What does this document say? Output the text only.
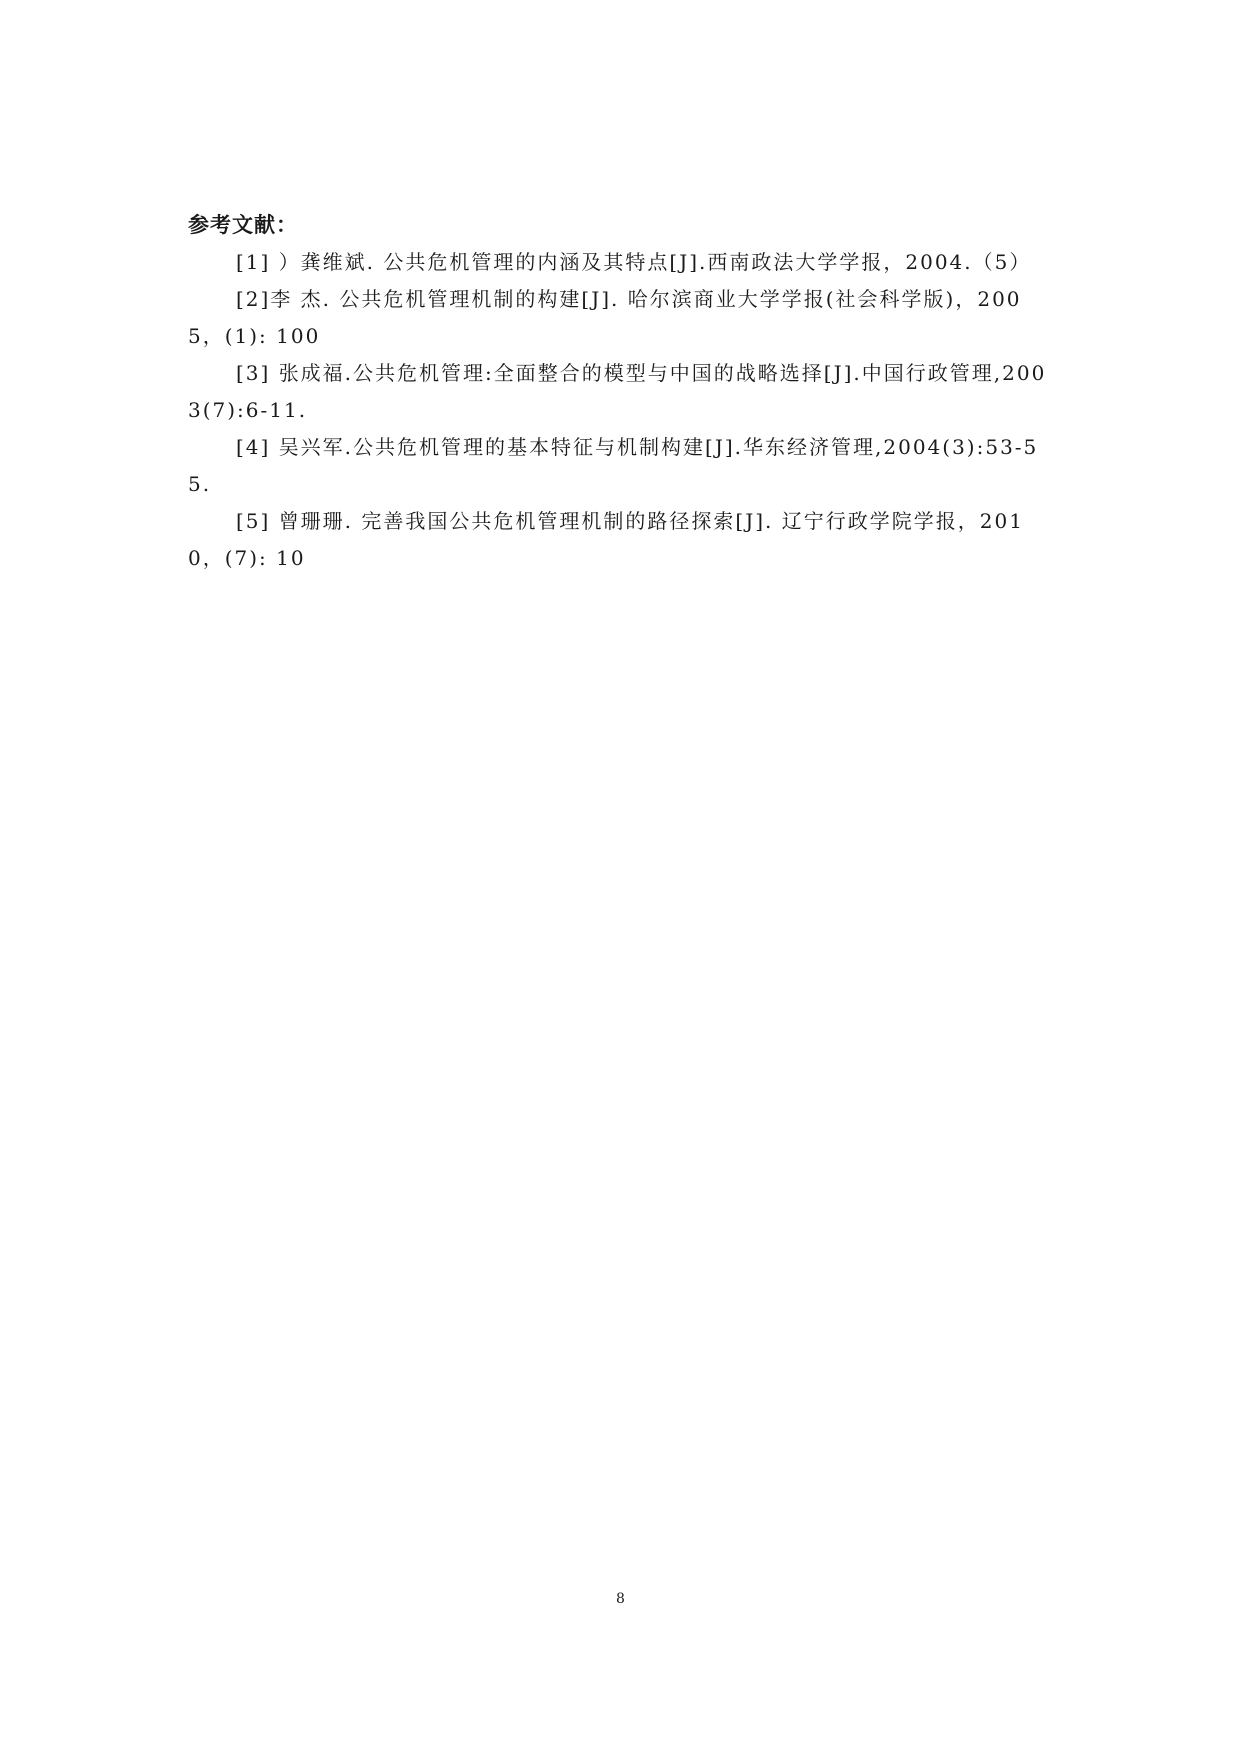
参考文献：

[1] ）龚维斌. 公共危机管理的内涵及其特点[J].西南政法大学学报，2004.（5）

[2]李 杰. 公共危机管理机制的构建[J]. 哈尔滨商业大学学报(社会科学版)，2005，(1): 100

[3] 张成福.公共危机管理:全面整合的模型与中国的战略选择[J].中国行政管理,2003(7):6-11.

[4] 吴兴军.公共危机管理的基本特征与机制构建[J].华东经济管理,2004(3):53-55.

[5] 曾珊珊. 完善我国公共危机管理机制的路径探索[J]. 辽宁行政学院学报，2010，(7): 10

8
